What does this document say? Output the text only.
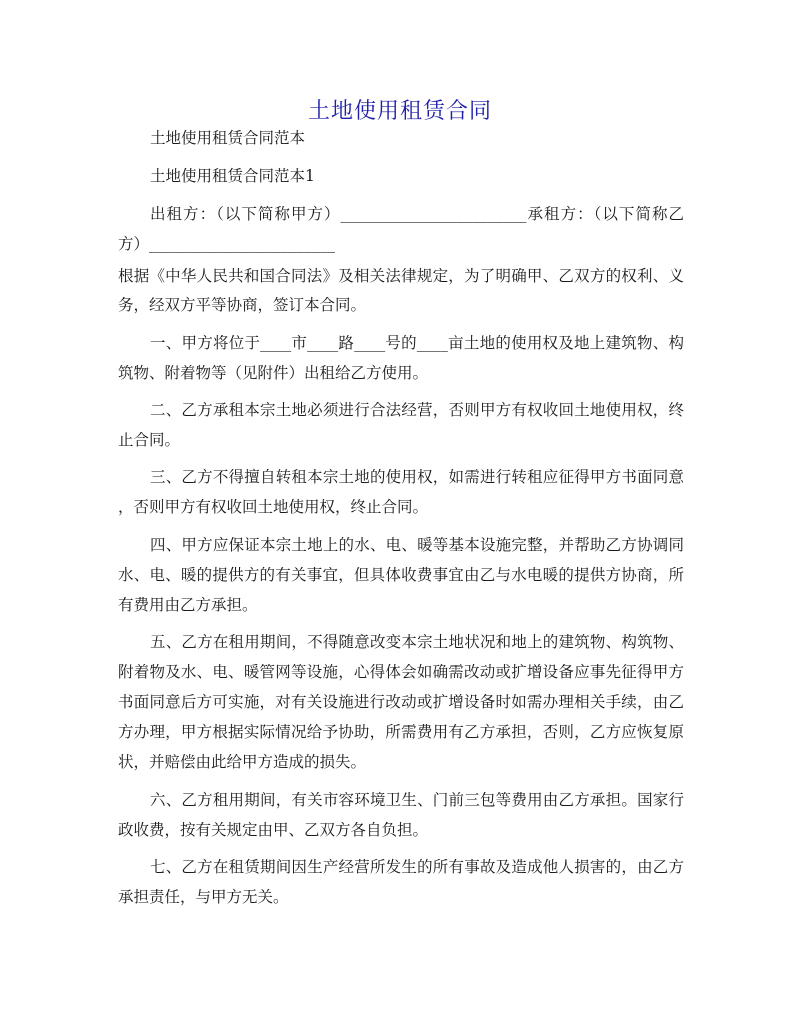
土地使用租赁合同
土地使用租赁合同范本
土地使用租赁合同范本1
出租方：（以下简称甲方）________________________承租方：（以下简称乙
方）________________________
根据《中华人民共和国合同法》及相关法律规定，为了明确甲、乙双方的权利、义
务，经双方平等协商，签订本合同。
一、甲方将位于____市____路____号的____亩土地的使用权及地上建筑物、构
筑物、附着物等（见附件）出租给乙方使用。
二、乙方承租本宗土地必须进行合法经营，否则甲方有权收回土地使用权，终
止合同。
三、乙方不得擅自转租本宗土地的使用权，如需进行转租应征得甲方书面同意
，否则甲方有权收回土地使用权，终止合同。
四、甲方应保证本宗土地上的水、电、暖等基本设施完整，并帮助乙方协调同
水、电、暖的提供方的有关事宜，但具体收费事宜由乙与水电暖的提供方协商，所
有费用由乙方承担。
五、乙方在租用期间，不得随意改变本宗土地状况和地上的建筑物、构筑物、
附着物及水、电、暖管网等设施，心得体会如确需改动或扩增设备应事先征得甲方
书面同意后方可实施，对有关设施进行改动或扩增设备时如需办理相关手续，由乙
方办理，甲方根据实际情况给予协助，所需费用有乙方承担，否则，乙方应恢复原
状，并赔偿由此给甲方造成的损失。
六、乙方租用期间，有关市容环境卫生、门前三包等费用由乙方承担。国家行
政收费，按有关规定由甲、乙双方各自负担。
七、乙方在租赁期间因生产经营所发生的所有事故及造成他人损害的，由乙方
承担责任，与甲方无关。
